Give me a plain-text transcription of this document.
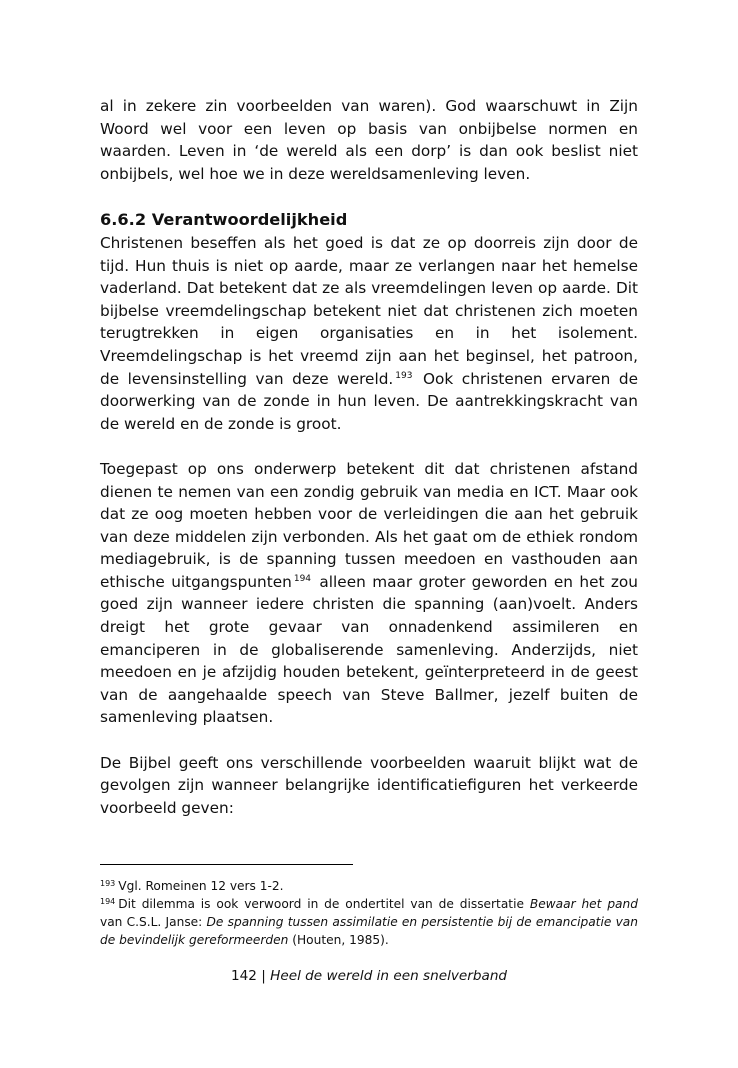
al in zekere zin voorbeelden van waren). God waarschuwt in Zijn Woord wel voor een leven op basis van onbijbelse normen en waarden. Leven in ‘de wereld als een dorp’ is dan ook beslist niet onbijbels, wel hoe we in deze wereldsamenleving leven.

6.6.2 Verantwoordelijkheid

Christenen beseffen als het goed is dat ze op doorreis zijn door de tijd. Hun thuis is niet op aarde, maar ze verlangen naar het hemelse vaderland. Dat betekent dat ze als vreemdelingen leven op aarde. Dit bijbelse vreemdelingschap betekent niet dat christenen zich moeten terugtrekken in eigen organisaties en in het isolement. Vreemdelingschap is het vreemd zijn aan het beginsel, het patroon, de levensinstelling van deze wereld. $^{193}$ Ook christenen ervaren de doorwerking van de zonde in hun leven. De aantrekkingskracht van de wereld en de zonde is groot.

Toegepast op ons onderwerp betekent dit dat christenen afstand dienen te nemen van een zondig gebruik van media en ICT. Maar ook dat ze oog moeten hebben voor de verleidingen die aan het gebruik van deze middelen zijn verbonden. Als het gaat om de ethiek rondom mediagebruik, is de spanning tussen meedoen en vasthouden aan ethische uitgangspunten $^{194}$ alleen maar groter geworden en het zou goed zijn wanneer iedere christen die spanning (aan)voelt. Anders dreigt het grote gevaar van onnadenkend assimileren en emanciperen in de globaliserende samenleving. Anderzijds, niet meedoen en je afzijdig houden betekent, geïnterpreteerd in de geest van de aangehaalde speech van Steve Ballmer, jezelf buiten de samenleving plaatsen.

De Bijbel geeft ons verschillende voorbeelden waaruit blijkt wat de gevolgen zijn wanneer belangrijke identificatiefiguren het verkeerde voorbeeld geven:

$^{193}$ Vgl. Romeinen 12 vers 1-2.

$^{194}$ Dit dilemma is ook verwoord in de ondertitel van de dissertatie Bewaar het pand van C.S.L. Janse: De spanning tussen assimilatie en persistentie bij de emancipatie van de bevindelijk gereformeerden (Houten, 1985).

142 | Heel de wereld in een snelverband
